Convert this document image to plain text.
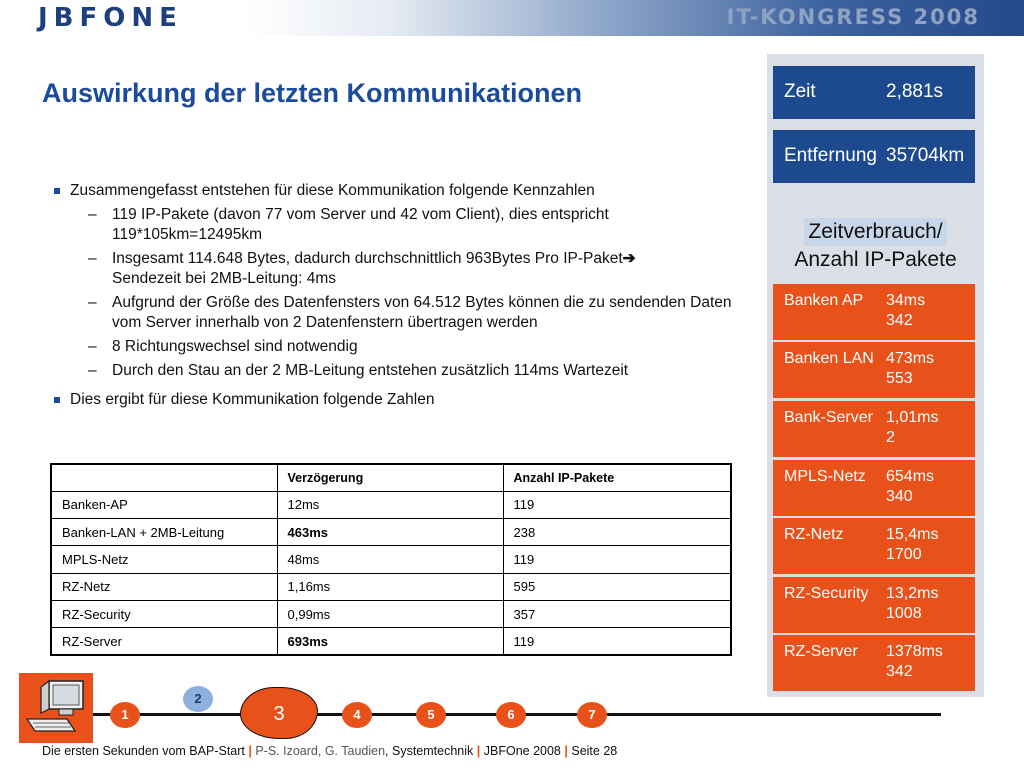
JBFONE	IT-KONGRESS 2008
Auswirkung der letzten Kommunikationen
Zusammengefasst entstehen für diese Kommunikation folgende Kennzahlen
– 119 IP-Pakete (davon 77 vom Server und 42 vom Client), dies entspricht 119*105km=12495km
– Insgesamt 114.648 Bytes, dadurch durchschnittlich 963Bytes Pro IP-Paket➔
Sendezeit bei 2MB-Leitung: 4ms
– Aufgrund der Größe des Datenfensters von 64.512 Bytes können die zu sendenden Daten vom Server innerhalb von 2 Datenfenstern übertragen werden
– 8 Richtungswechsel sind notwendig
– Durch den Stau an der 2 MB-Leitung entstehen zusätzlich 114ms Wartezeit
Dies ergibt für diese Kommunikation folgende Zahlen
	Verzögerung	Anzahl IP-Pakete
Banken-AP	12ms	119
Banken-LAN + 2MB-Leitung	463ms	238
MPLS-Netz	48ms	119
RZ-Netz	1,16ms	595
RZ-Security	0,99ms	357
RZ-Server	693ms	119
Zeit	2,881s
Entfernung 35704km
Zeitverbrauch/
Anzahl IP-Pakete
Banken AP 34ms
342
Banken LAN 473ms
553
Bank-Server 1,01ms
2
MPLS-Netz 654ms
340
RZ-Netz	15,4ms
1700
RZ-Security 13,2ms
1008
RZ-Server 1378ms
342
1
2
3	4	5	6	7
Die ersten Sekunden vom BAP-Start | P-S. Izoard, G. Taudien, Systemtechnik | JBFOne 2008 | Seite 28
